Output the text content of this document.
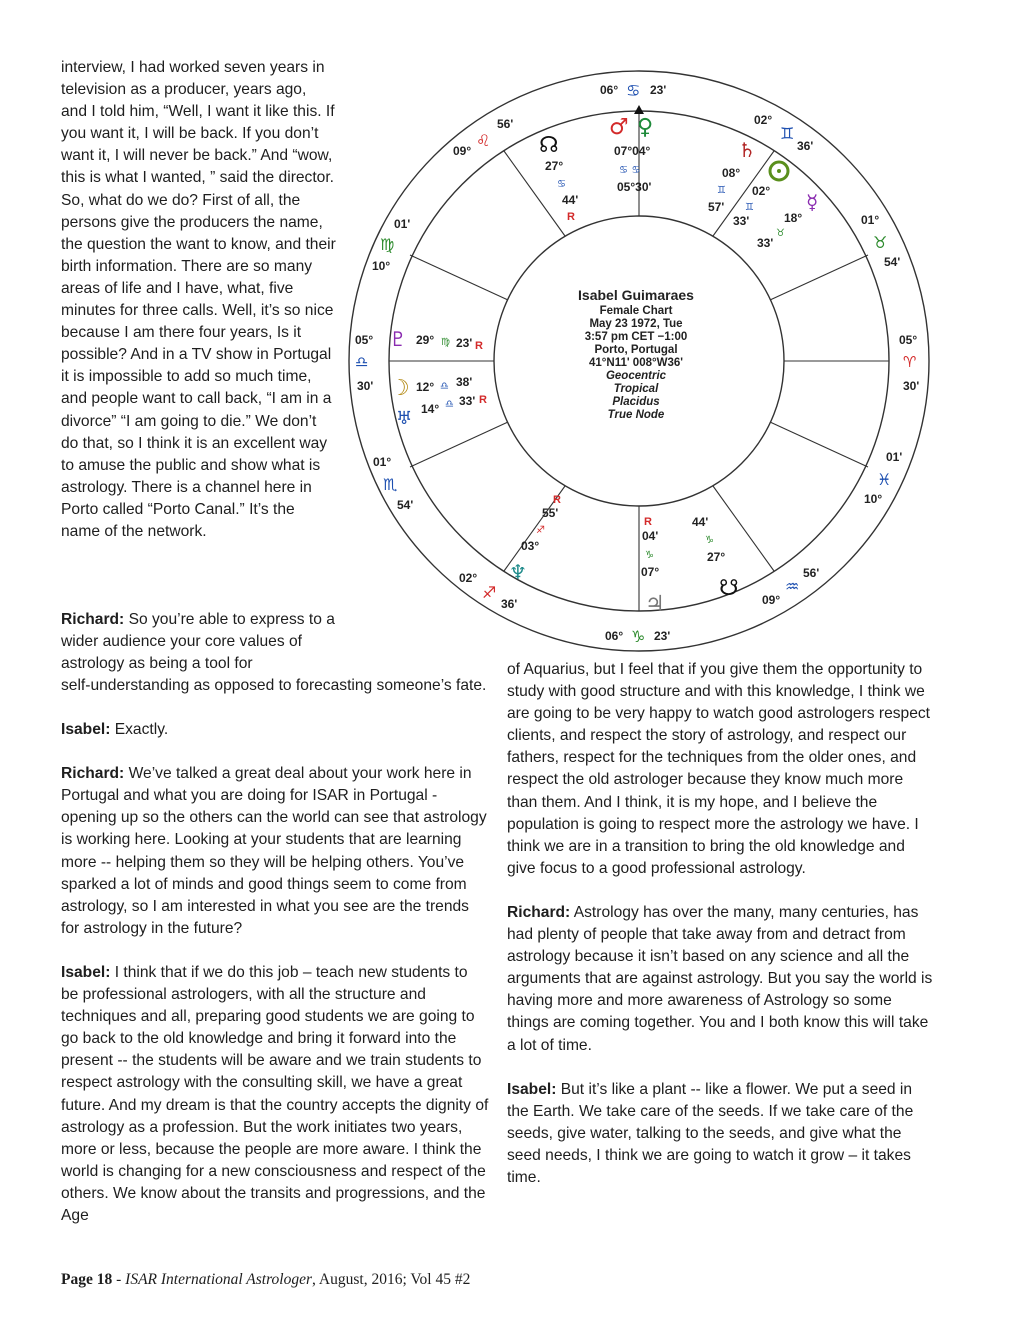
interview, I had worked seven years in television as a producer, years ago, and I told him, “Well, I want it like this. If you want it, I will be back. If you don’t want it, I will never be back.” And “wow, this is what I wanted, ” said the director. So, what do we do? First of all, the persons give the producers the name, the question the want to know, and their birth information. There are so many areas of life and I have, what, five minutes for three calls. Well, it’s so nice because I am there four years, Is it possible? And in a TV show in Portugal it is impossible to add so much time, and people want to call back, “I am in a divorce” “I am going to die.” We don’t do that, so I think it is an excellent way to amuse the public and show what is astrology. There is a channel here in Porto called “Porto Canal.” It’s the name of the network.

Richard: So you’re able to express to a wider audience your core values of astrology as being a tool for

self-understanding as opposed to forecasting someone’s fate.

Isabel: Exactly.

Richard: We’ve talked a great deal about your work here in Portugal and what you are doing for ISAR in Portugal - opening up so the others can the world can see that astrology is working here. Looking at your students that are learning more -- helping them so they will be helping others. You’ve sparked a lot of minds and good things seem to come from astrology, so I am interested in what you see are the trends for astrology in the future?

Isabel: I think that if we do this job – teach new students to be professional astrologers, with all the structure and techniques and all, preparing good students we are going to go back to the old knowledge and bring it forward into the present -- the students will be aware and we train students to respect astrology with the consulting skill, we have a great future. And my dream is that the country accepts the dignity of astrology as a profession. But the work initiates two years, more or less, because the people are more aware. I think the world is changing for a new consciousness and respect of the others. We know about the transits and progressions, and the Age

of Aquarius, but I feel that if you give them the opportunity to study with good structure and with this knowledge, I think we are going to be very happy to watch good astrologers respect clients, and respect the story of astrology, and respect our fathers, respect for the techniques from the older ones, and respect the old astrologer because they know much more than them. And I think, it is my hope, and I believe the population is going to respect more the astrology we have. I think we are in a transition to bring the old knowledge and give focus to a good professional astrology.

Richard: Astrology has over the many, many centuries, has had plenty of people that take away from and detract from astrology because it isn’t based on any science and all the arguments that are against astrology. But you say the world is having more and more awareness of Astrology so some things are coming together. You and I both know this will take a lot of time.

Isabel: But it’s like a plant -- like a flower. We put a seed in the Earth. We take care of the seeds. If we take care of the seeds, give water, talking to the seeds, and give what the seed needs, I think we are going to watch it grow – it takes time.

Isabel Guimaraes
Female Chart
May 23 1972, Tue
3:57 pm CET −1:00
Porto, Portugal
41°N11' 008°W36'
Geocentric
Tropical
Placidus
True Node
06° ♋ 23'
06° ♑ 23'
05°
♎
30'
05°
♈
30'
09°
♌
56'
01'
♍
10°
02°
♊
36'
01°
♉
54'
01°
♏
54'
02°
♐
36'
01'
♓
10°
56'
♒
09°
♂ ♀
07°04°
♋ ♋
05°30'
☊
27°
♋
44'
R
♄
08°
♊
57'
02°
♊
33'
☿
18°
♉
33'
♇ 29° ♍ 23' R
☽ 12° ♎ 38'
♅ 14° ♎ 33' R
R
55'
♐
03°
♆
R
04'
♑
07°
♃
44'
♑
27°
☋
Page 18 - ISAR International Astrologer, August, 2016; Vol 45 #2
